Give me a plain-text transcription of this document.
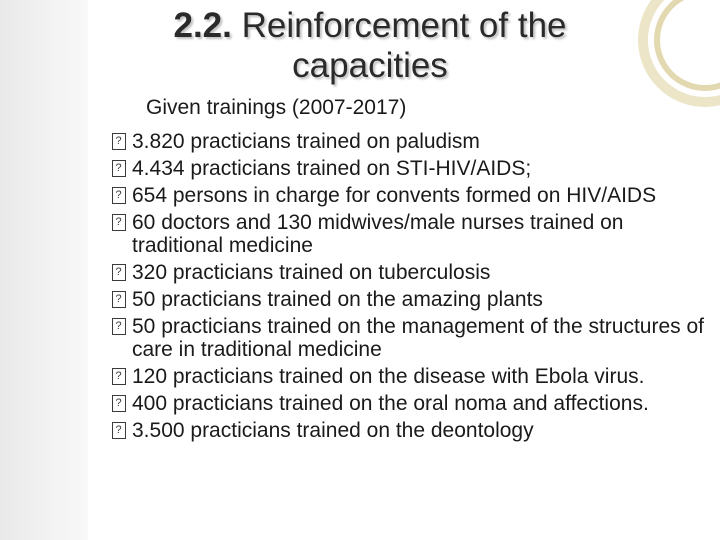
2.2. Reinforcement of the capacities
Given trainings (2007-2017)
?
3.820 practicians trained on paludism
?
4.434 practicians trained on STI-HIV/AIDS;
?
654 persons in charge for convents formed on HIV/AIDS
?
60 doctors and 130 midwives/male nurses trained on traditional medicine
?
320 practicians trained on tuberculosis
?
50 practicians trained on the amazing plants
?
50 practicians trained on the management of the structures of care in traditional medicine
?
120 practicians trained on the disease with Ebola virus.
?
400 practicians trained on the oral noma and affections.
?
3.500 practicians trained on the deontology
